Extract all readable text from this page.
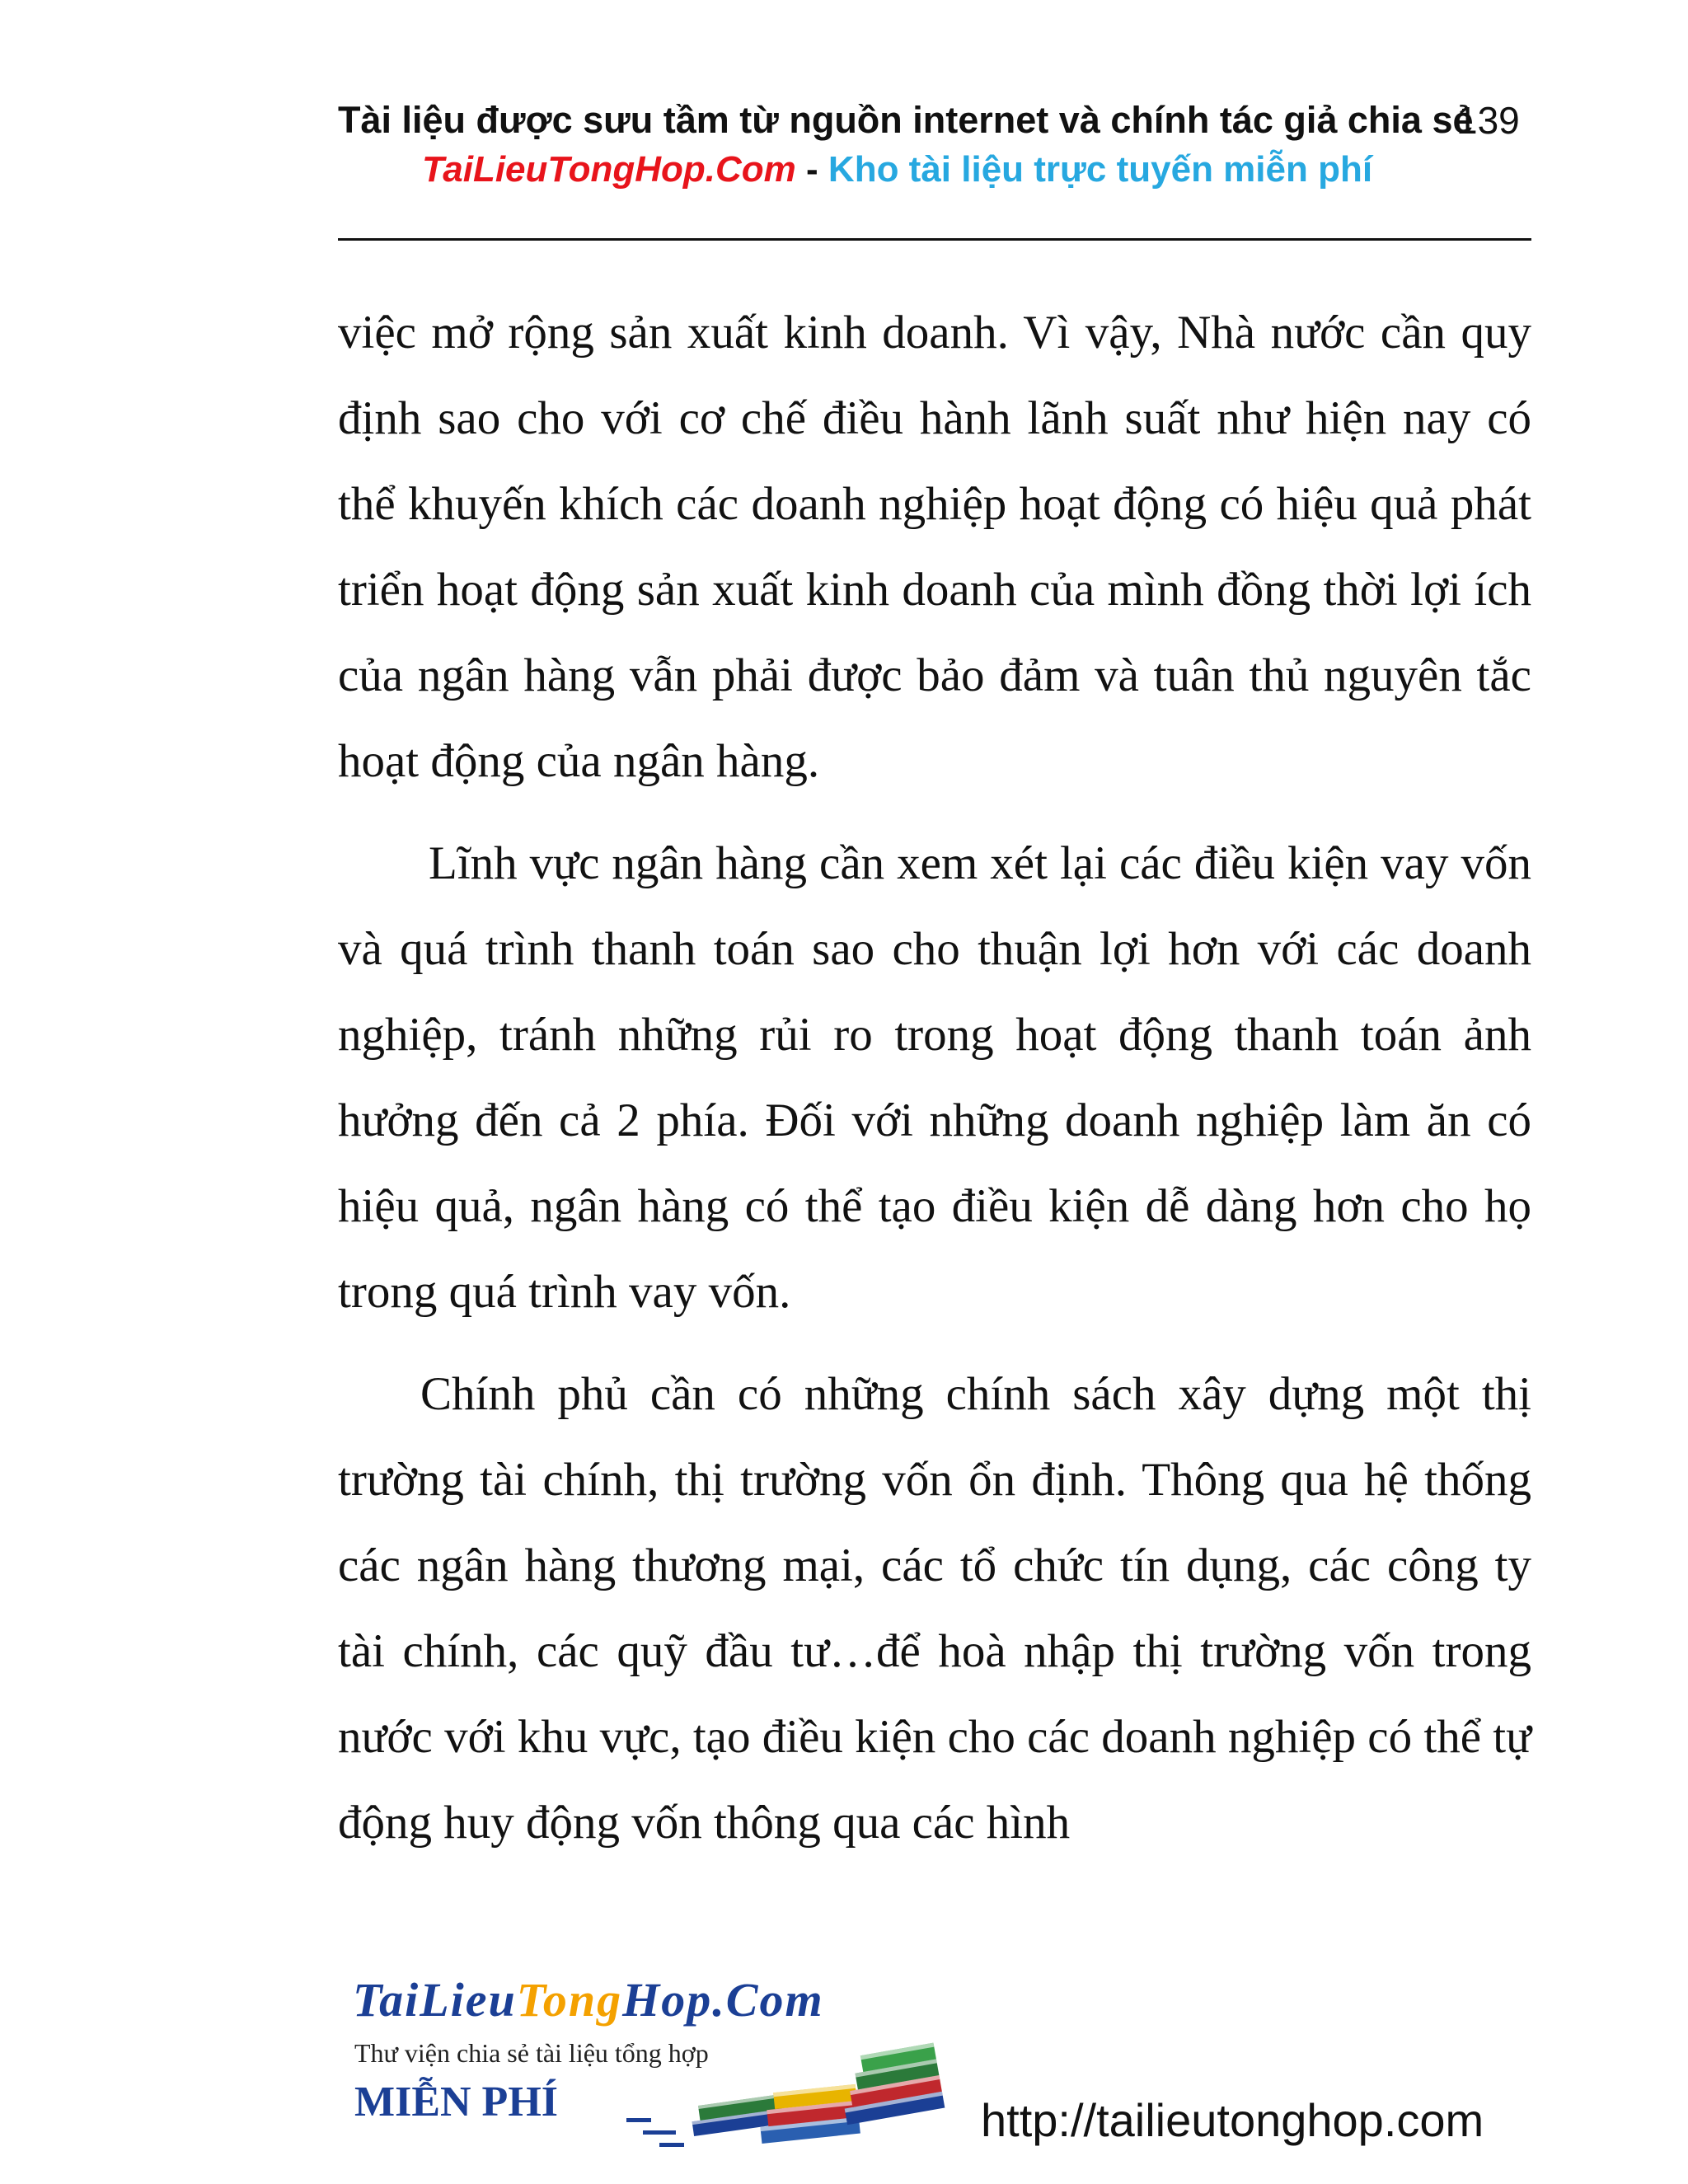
Tài liệu được sưu tầm từ nguồn internet và chính tác giả chia sẻ
TaiLieuTongHop.Com - Kho tài liệu trực tuyến miễn phí
139

việc mở rộng sản xuất kinh doanh. Vì vậy, Nhà nước cần quy định sao cho với cơ chế điều hành lãnh suất như hiện nay có thể khuyến khích các doanh nghiệp hoạt động có hiệu quả phát triển hoạt động sản xuất kinh doanh của mình đồng thời lợi ích của ngân hàng vẫn phải được bảo đảm và tuân thủ nguyên tắc hoạt động của ngân hàng.

Lĩnh vực ngân hàng cần xem xét lại các điều kiện vay vốn và quá trình thanh toán sao cho thuận lợi hơn với các doanh nghiệp, tránh những rủi ro trong hoạt động thanh toán ảnh hưởng đến cả 2 phía. Đối với những doanh nghiệp làm ăn có hiệu quả, ngân hàng có thể tạo điều kiện dễ dàng hơn cho họ trong quá trình vay vốn.

Chính phủ cần có những chính sách xây dựng một thị trường tài chính, thị trường vốn ổn định. Thông qua hệ thống các ngân hàng thương mại, các tổ chức tín dụng, các công ty tài chính, các quỹ đầu tư…để hoà nhập thị trường vốn trong nước với khu vực, tạo điều kiện cho các doanh nghiệp có thể tự động huy động vốn thông qua các hình

TaiLieuTongHop.Com
Thư viện chia sẻ tài liệu tổng hợp
MIỄN PHÍ	http://tailieutonghop.com
